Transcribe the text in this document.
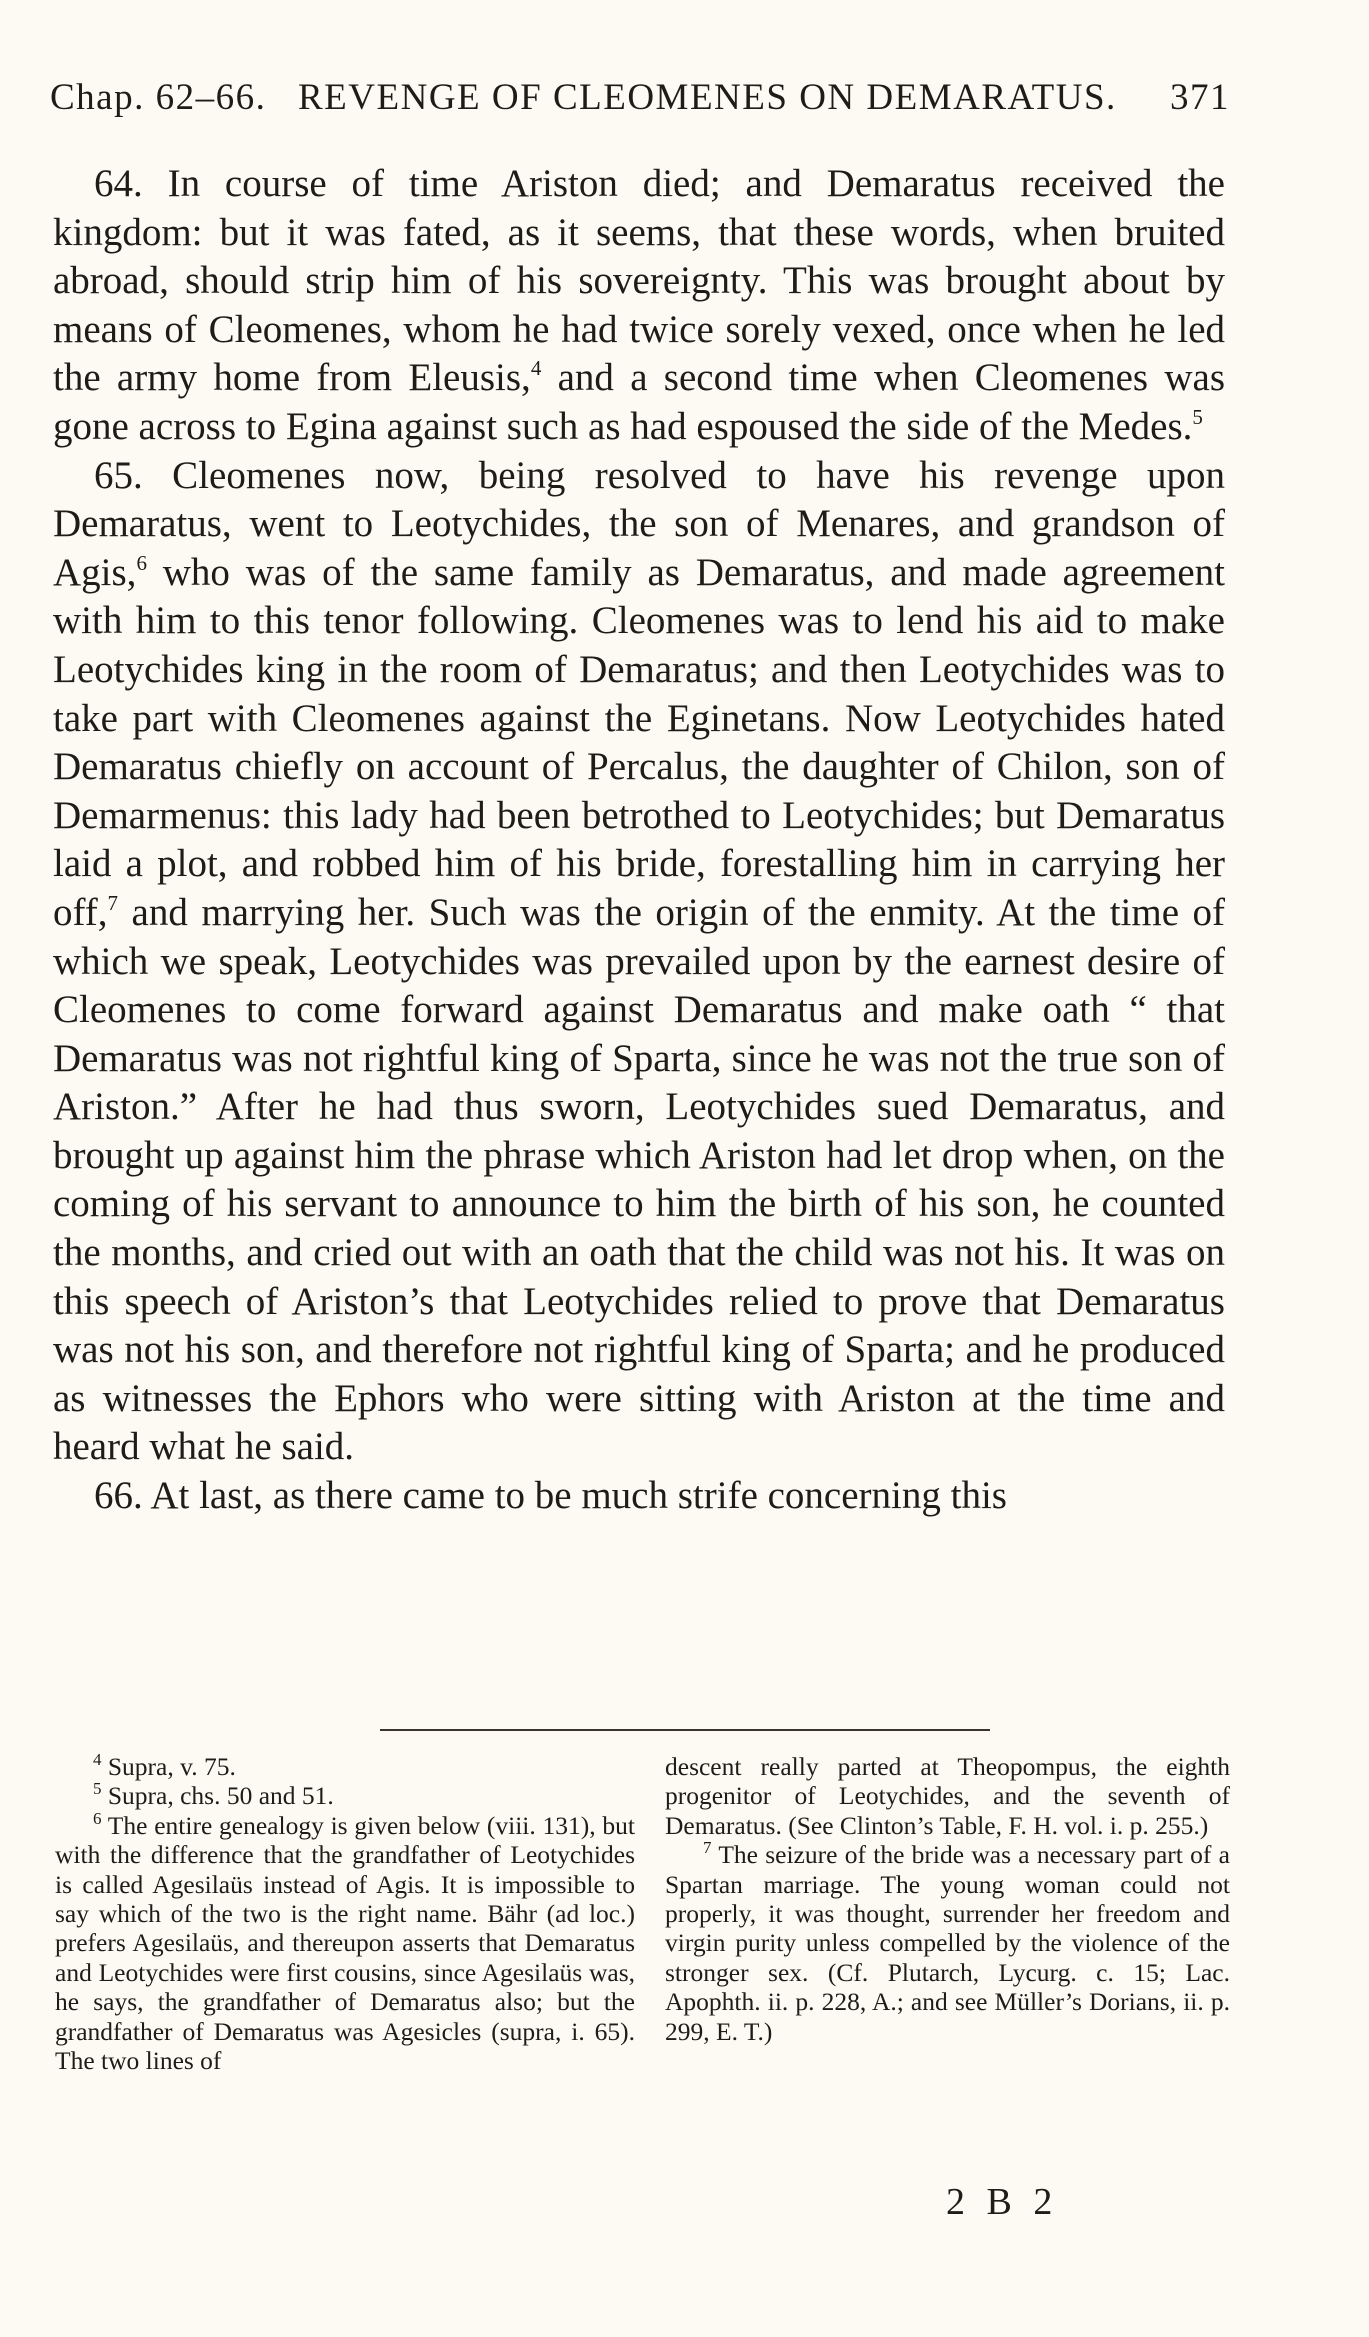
Chap. 62–66. REVENGE OF CLEOMENES ON DEMARATUS. 371

64. In course of time Ariston died; and Demaratus received the kingdom: but it was fated, as it seems, that these words, when bruited abroad, should strip him of his sovereignty. This was brought about by means of Cleomenes, whom he had twice sorely vexed, once when he led the army home from Eleusis,$^4$ and a second time when Cleomenes was gone across to Egina against such as had espoused the side of the Medes.$^5$

65. Cleomenes now, being resolved to have his revenge upon Demaratus, went to Leotychides, the son of Menares, and grandson of Agis,$^6$ who was of the same family as Demaratus, and made agreement with him to this tenor following. Cleomenes was to lend his aid to make Leotychides king in the room of Demaratus; and then Leotychides was to take part with Cleomenes against the Eginetans. Now Leotychides hated Demaratus chiefly on account of Percalus, the daughter of Chilon, son of Demarmenus: this lady had been betrothed to Leotychides; but Demaratus laid a plot, and robbed him of his bride, forestalling him in carrying her off,$^7$ and marrying her. Such was the origin of the enmity. At the time of which we speak, Leotychides was prevailed upon by the earnest desire of Cleomenes to come forward against Demaratus and make oath “ that Demaratus was not rightful king of Sparta, since he was not the true son of Ariston.” After he had thus sworn, Leotychides sued Demaratus, and brought up against him the phrase which Ariston had let drop when, on the coming of his servant to announce to him the birth of his son, he counted the months, and cried out with an oath that the child was not his. It was on this speech of Ariston’s that Leotychides relied to prove that Demaratus was not his son, and therefore not rightful king of Sparta; and he produced as witnesses the Ephors who were sitting with Ariston at the time and heard what he said.

66. At last, as there came to be much strife concerning this

$^4$ Supra, v. 75.

$^5$ Supra, chs. 50 and 51.

$^6$ The entire genealogy is given below (viii. 131), but with the difference that the grandfather of Leotychides is called Agesilaüs instead of Agis. It is impossible to say which of the two is the right name. Bähr (ad loc.) prefers Agesilaüs, and thereupon asserts that Demaratus and Leotychides were first cousins, since Agesilaüs was, he says, the grandfather of Demaratus also; but the grandfather of Demaratus was Agesicles (supra, i. 65). The two lines of

descent really parted at Theopompus, the eighth progenitor of Leotychides, and the seventh of Demaratus. (See Clinton’s Table, F. H. vol. i. p. 255.)

$^7$ The seizure of the bride was a necessary part of a Spartan marriage. The young woman could not properly, it was thought, surrender her freedom and virgin purity unless compelled by the violence of the stronger sex. (Cf. Plutarch, Lycurg. c. 15; Lac. Apophth. ii. p. 228, A.; and see Müller’s Dorians, ii. p. 299, E. T.)

2 B 2
